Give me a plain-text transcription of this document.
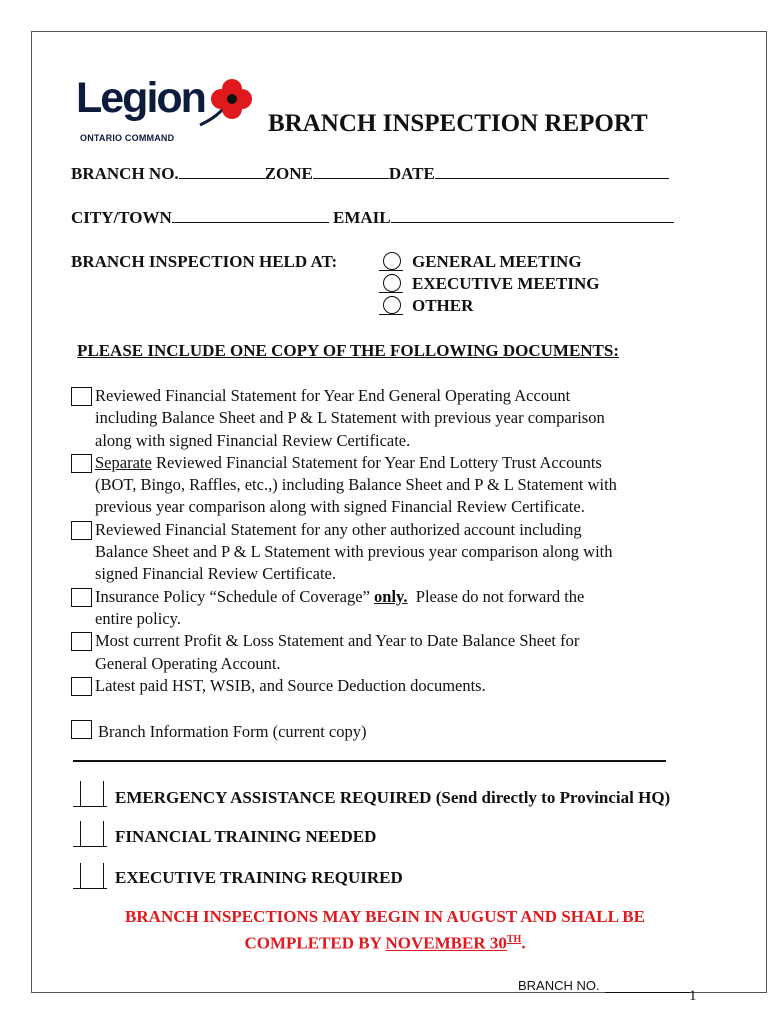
Legion
ONTARIO COMMAND
BRANCH INSPECTION REPORT
BRANCH NO.	ZONE	DATE
CITY/TOWN	EMAIL
BRANCH INSPECTION HELD AT:	GENERAL MEETING
EXECUTIVE MEETING
OTHER
PLEASE INCLUDE ONE COPY OF THE FOLLOWING DOCUMENTS:
Reviewed Financial Statement for Year End General Operating Account
including Balance Sheet and P & L Statement with previous year comparison
along with signed Financial Review Certificate.
Separate Reviewed Financial Statement for Year End Lottery Trust Accounts
(BOT, Bingo, Raffles, etc.,) including Balance Sheet and P & L Statement with
previous year comparison along with signed Financial Review Certificate.
Reviewed Financial Statement for any other authorized account including
Balance Sheet and P & L Statement with previous year comparison along with
signed Financial Review Certificate.
Insurance Policy “Schedule of Coverage” only.  Please do not forward the
entire policy.
Most current Profit & Loss Statement and Year to Date Balance Sheet for
General Operating Account.
Latest paid HST, WSIB, and Source Deduction documents.
Branch Information Form (current copy)
EMERGENCY ASSISTANCE REQUIRED (Send directly to Provincial HQ)
FINANCIAL TRAINING NEEDED
EXECUTIVE TRAINING REQUIRED
BRANCH INSPECTIONS MAY BEGIN IN AUGUST AND SHALL BE
COMPLETED BY NOVEMBER 30TH.
BRANCH NO.
1
